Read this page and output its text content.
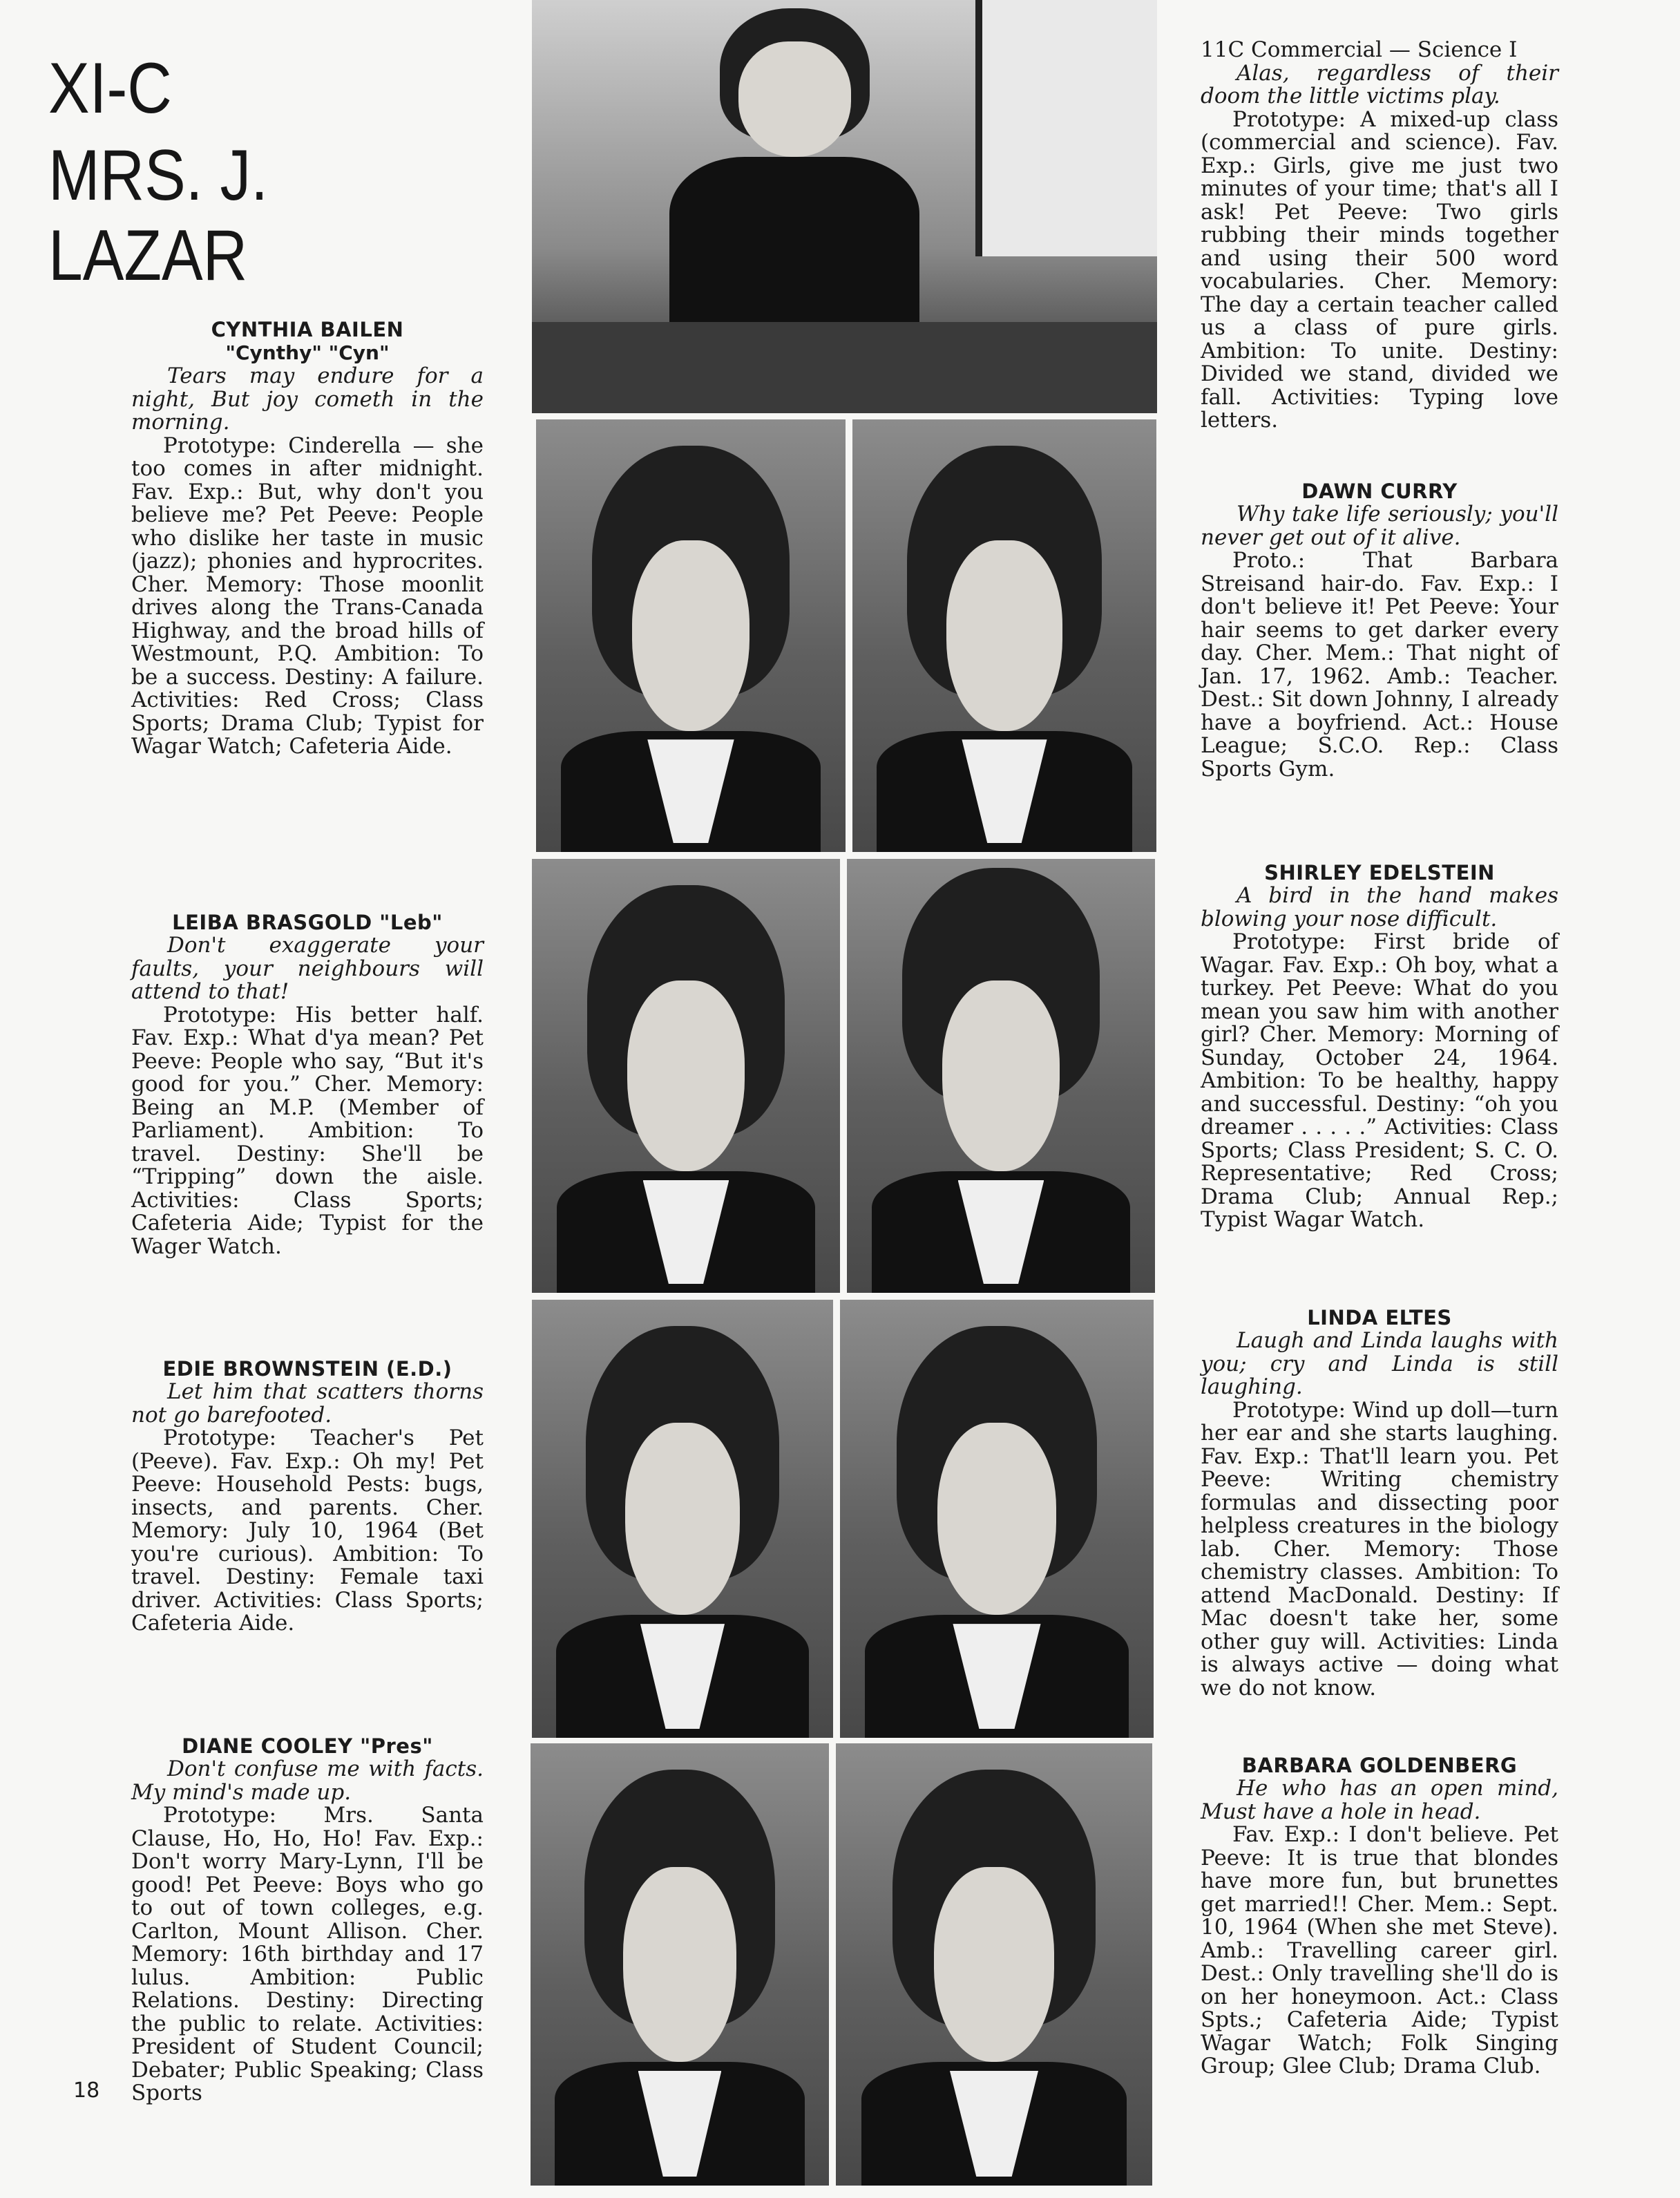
XI-C
MRS. J. LAZAR
CYNTHIA BAILEN
"Cynthy" "Cyn"
Tears may endure for a night, But joy cometh in the morning.
Prototype: Cinderella — she too comes in after midnight. Fav. Exp.: But, why don't you believe me? Pet Peeve: People who dislike her taste in music (jazz); phonies and hyprocrites. Cher. Memory: Those moonlit drives along the Trans-Canada Highway, and the broad hills of Westmount, P.Q. Ambition: To be a success. Destiny: A failure. Activities: Red Cross; Class Sports; Drama Club; Typist for Wagar Watch; Cafeteria Aide.
LEIBA BRASGOLD "Leb"
Don't exaggerate your faults, your neighbours will attend to that!
Prototype: His better half. Fav. Exp.: What d'ya mean? Pet Peeve: People who say, “But it's good for you.” Cher. Memory: Being an M.P. (Member of Parliament). Ambition: To travel. Destiny: She'll be “Tripping” down the aisle. Activities: Class Sports; Cafeteria Aide; Typist for the Wager Watch.
EDIE BROWNSTEIN (E.D.)
Let him that scatters thorns not go barefooted.
Prototype: Teacher's Pet (Peeve). Fav. Exp.: Oh my! Pet Peeve: Household Pests: bugs, insects, and parents. Cher. Memory: July 10, 1964 (Bet you're curious). Ambition: To travel. Destiny: Female taxi driver. Activities: Class Sports; Cafeteria Aide.
DIANE COOLEY "Pres"
Don't confuse me with facts. My mind's made up.
Prototype: Mrs. Santa Clause, Ho, Ho, Ho! Fav. Exp.: Don't worry Mary-Lynn, I'll be good! Pet Peeve: Boys who go to out of town colleges, e.g. Carlton, Mount Allison. Cher. Memory: 16th birthday and 17 lulus. Ambition: Public Relations. Destiny: Directing the public to relate. Activities: President of Student Council; Debater; Public Speaking; Class Sports
11C Commercial — Science I
Alas, regardless of their doom the little victims play.
Prototype: A mixed-up class (commercial and science). Fav. Exp.: Girls, give me just two minutes of your time; that's all I ask! Pet Peeve: Two girls rubbing their minds together and using their 500 word vocabularies. Cher. Memory: The day a certain teacher called us a class of pure girls. Ambition: To unite. Destiny: Divided we stand, divided we fall. Activities: Typing love letters.
DAWN CURRY
Why take life seriously; you'll never get out of it alive.
Proto.: That Barbara Streisand hair-do. Fav. Exp.: I don't believe it! Pet Peeve: Your hair seems to get darker every day. Cher. Mem.: That night of Jan. 17, 1962. Amb.: Teacher. Dest.: Sit down Johnny, I already have a boyfriend. Act.: House League; S.C.O. Rep.: Class Sports Gym.
SHIRLEY EDELSTEIN
A bird in the hand makes blowing your nose difficult.
Prototype: First bride of Wagar. Fav. Exp.: Oh boy, what a turkey. Pet Peeve: What do you mean you saw him with another girl? Cher. Memory: Morning of Sunday, October 24, 1964. Ambition: To be healthy, happy and successful. Destiny: “oh you dreamer . . . . .” Activities: Class Sports; Class President; S. C. O. Representative; Red Cross; Drama Club; Annual Rep.; Typist Wagar Watch.
LINDA ELTES
Laugh and Linda laughs with you; cry and Linda is still laughing.
Prototype: Wind up doll—turn her ear and she starts laughing. Fav. Exp.: That'll learn you. Pet Peeve: Writing chemistry formulas and dissecting poor helpless creatures in the biology lab. Cher. Memory: Those chemistry classes. Ambition: To attend MacDonald. Destiny: If Mac doesn't take her, some other guy will. Activities: Linda is always active — doing what we do not know.
BARBARA GOLDENBERG
He who has an open mind, Must have a hole in head.
Fav. Exp.: I don't believe. Pet Peeve: It is true that blondes have more fun, but brunettes get married!! Cher. Mem.: Sept. 10, 1964 (When she met Steve). Amb.: Travelling career girl. Dest.: Only travelling she'll do is on her honeymoon. Act.: Class Spts.; Cafeteria Aide; Typist Wagar Watch; Folk Singing Group; Glee Club; Drama Club.
18
